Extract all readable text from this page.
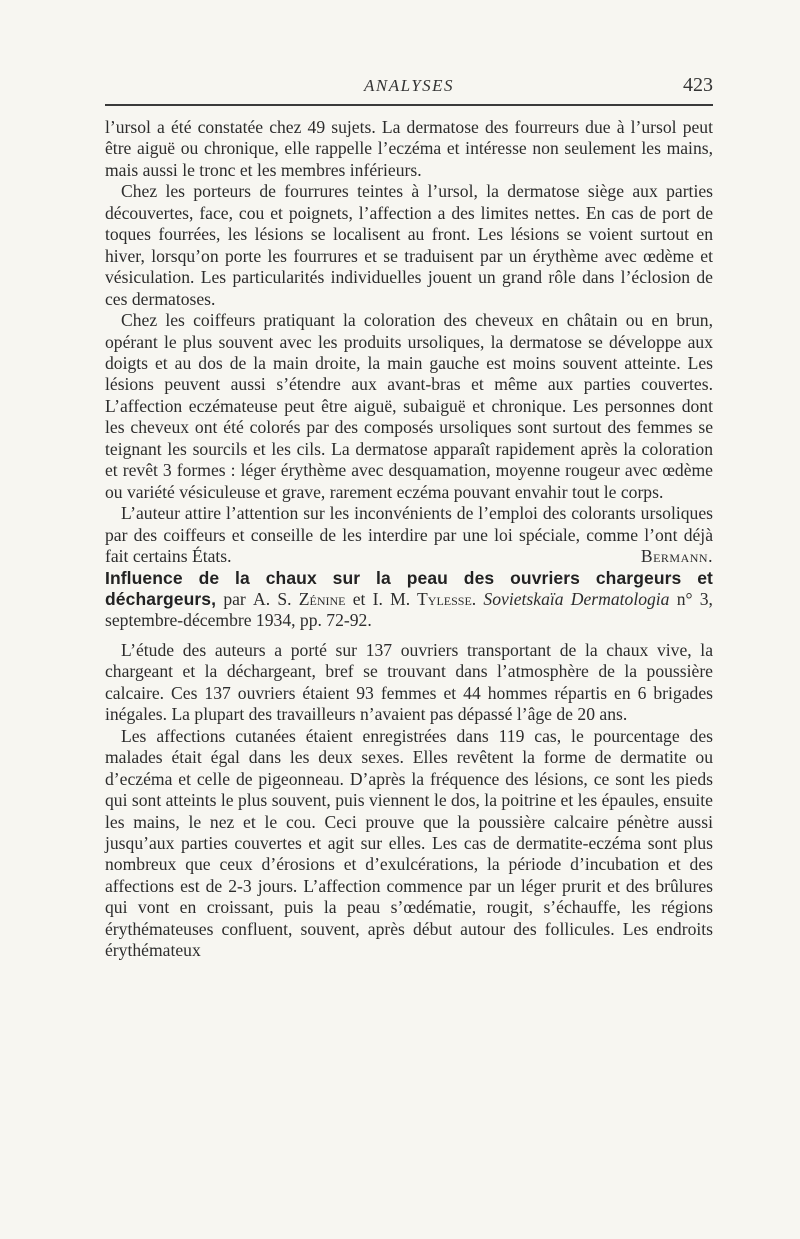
ANALYSES	423

l’ursol a été constatée chez 49 sujets. La dermatose des fourreurs due à l’ursol peut être aiguë ou chronique, elle rappelle l’eczéma et intéresse non seulement les mains, mais aussi le tronc et les membres inférieurs.

Chez les porteurs de fourrures teintes à l’ursol, la dermatose siège aux parties découvertes, face, cou et poignets, l’affection a des limites nettes. En cas de port de toques fourrées, les lésions se localisent au front. Les lésions se voient surtout en hiver, lorsqu’on porte les fourrures et se traduisent par un érythème avec œdème et vésiculation. Les particularités individuelles jouent un grand rôle dans l’éclosion de ces dermatoses.

Chez les coiffeurs pratiquant la coloration des cheveux en châtain ou en brun, opérant le plus souvent avec les produits ursoliques, la dermatose se développe aux doigts et au dos de la main droite, la main gauche est moins souvent atteinte. Les lésions peuvent aussi s’étendre aux avant-bras et même aux parties couvertes. L’affection eczémateuse peut être aiguë, subaiguë et chronique. Les personnes dont les cheveux ont été colorés par des composés ursoliques sont surtout des femmes se teignant les sourcils et les cils. La dermatose apparaît rapidement après la coloration et revêt 3 formes : léger érythème avec desquamation, moyenne rougeur avec œdème ou variété vésiculeuse et grave, rarement eczéma pouvant envahir tout le corps.

L’auteur attire l’attention sur les inconvénients de l’emploi des colorants ursoliques par des coiffeurs et conseille de les interdire par une loi spéciale, comme l’ont déjà fait certains États.	Bermann.

Influence de la chaux sur la peau des ouvriers chargeurs et déchargeurs, par A. S. Zénine et I. M. Tylesse. Sovietskaïa Dermatologia n° 3, septembre-décembre 1934, pp. 72-92.

L’étude des auteurs a porté sur 137 ouvriers transportant de la chaux vive, la chargeant et la déchargeant, bref se trouvant dans l’atmosphère de la poussière calcaire. Ces 137 ouvriers étaient 93 femmes et 44 hommes répartis en 6 brigades inégales. La plupart des travailleurs n’avaient pas dépassé l’âge de 20 ans.

Les affections cutanées étaient enregistrées dans 119 cas, le pourcentage des malades était égal dans les deux sexes. Elles revêtent la forme de dermatite ou d’eczéma et celle de pigeonneau. D’après la fréquence des lésions, ce sont les pieds qui sont atteints le plus souvent, puis viennent le dos, la poitrine et les épaules, ensuite les mains, le nez et le cou. Ceci prouve que la poussière calcaire pénètre aussi jusqu’aux parties couvertes et agit sur elles. Les cas de dermatite-eczéma sont plus nombreux que ceux d’érosions et d’exulcérations, la période d’incubation et des affections est de 2-3 jours. L’affection commence par un léger prurit et des brûlures qui vont en croissant, puis la peau s’œdématie, rougit, s’échauffe, les régions érythémateuses confluent, souvent, après début autour des follicules. Les endroits érythémateux
